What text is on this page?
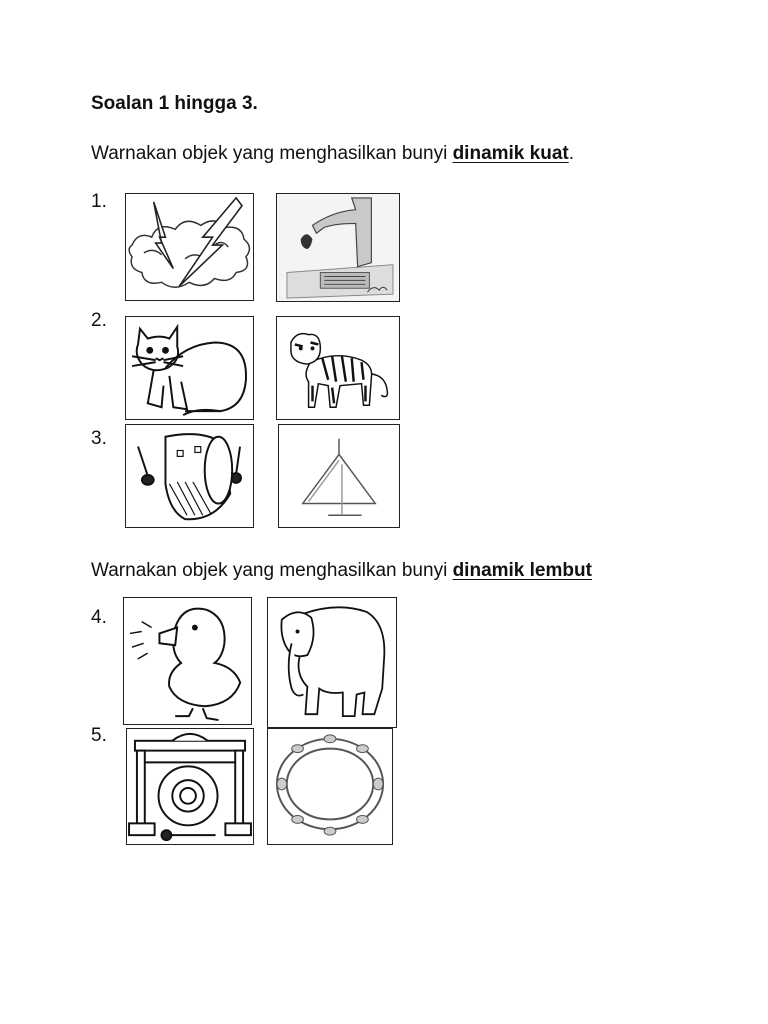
Soalan 1 hingga 3.
Warnakan objek yang menghasilkan bunyi dinamik kuat.
Warnakan objek yang menghasilkan bunyi dinamik lembut
1.
2.
3.
4.
5.
